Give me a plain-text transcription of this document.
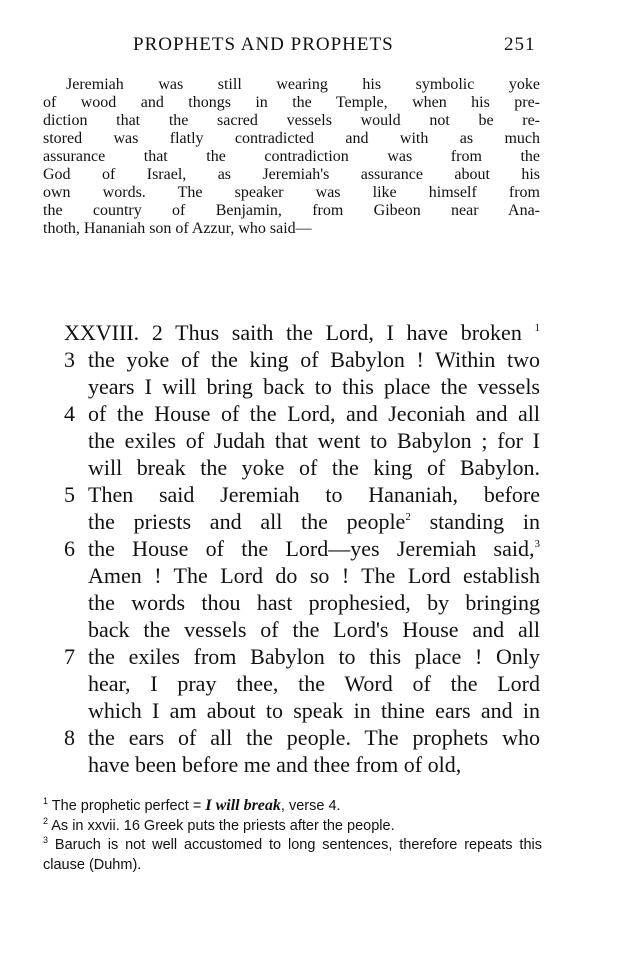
PROPHETS AND PROPHETS	251
Jeremiah was still wearing his symbolic yoke
of wood and thongs in the Temple, when his pre-
diction that the sacred vessels would not be re-
stored was flatly contradicted and with as much
assurance that the contradiction was from the
God of Israel, as Jeremiah's assurance about his
own words. The speaker was like himself from
the country of Benjamin, from Gibeon near Ana-
thoth, Hananiah son of Azzur, who said—
XXVIII. 2 Thus saith the Lord, I have broken $^1$
3 the yoke of the king of Babylon ! Within two
years I will bring back to this place the vessels
4 of the House of the Lord, and Jeconiah and all
the exiles of Judah that went to Babylon ; for I
will break the yoke of the king of Babylon.
5 Then said Jeremiah to Hananiah, before
the priests and all the people$^2$ standing in
6 the House of the Lord—yes Jeremiah said,$^3$
Amen ! The Lord do so ! The Lord establish
the words thou hast prophesied, by bringing
back the vessels of the Lord's House and all
7 the exiles from Babylon to this place ! Only
hear, I pray thee, the Word of the Lord
which I am about to speak in thine ears and in
8 the ears of all the people. The prophets who
have been before me and thee from of old,
$^1$ The prophetic perfect = I will break, verse 4.
$^2$ As in xxvii. 16 Greek puts the priests after the people.
$^3$ Baruch is not well accustomed to long sentences, therefore repeats this clause (Duhm).
